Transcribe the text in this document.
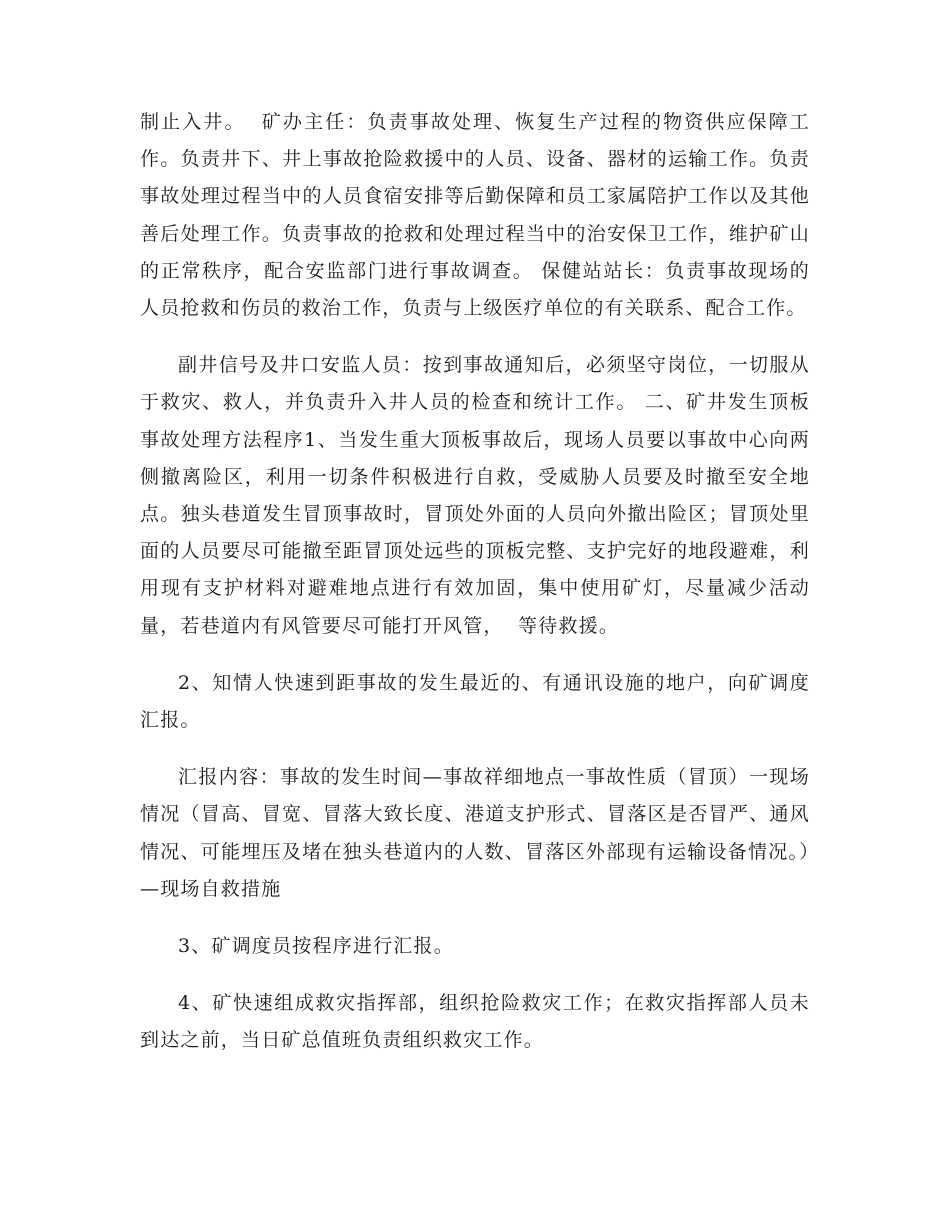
制止入井。  矿办主任：负责事故处理、恢复生产过程的物资供应保障工作。负责井下、井上事故抢险救援中的人员、设备、器材的运输工作。负责事故处理过程当中的人员食宿安排等后勤保障和员工家属陪护工作以及其他善后处理工作。负责事故的抢救和处理过程当中的治安保卫工作，维护矿山的正常秩序，配合安监部门进行事故调查。 保健站站长：负责事故现场的人员抢救和伤员的救治工作，负责与上级医疗单位的有关联系、配合工作。

副井信号及井口安监人员：按到事故通知后，必须坚守岗位，一切服从于救灾、救人，并负责升入井人员的检查和统计工作。 二、矿井发生顶板事故处理方法程序1、当发生重大顶板事故后，现场人员要以事故中心向两侧撤离险区，利用一切条件积极进行自救，受威胁人员要及时撤至安全地点。独头巷道发生冒顶事故时，冒顶处外面的人员向外撤出险区；冒顶处里面的人员要尽可能撤至距冒顶处远些的顶板完整、支护完好的地段避难，利用现有支护材料对避难地点进行有效加固，集中使用矿灯，尽量减少活动量，若巷道内有风管要尽可能打开风管，  等待救援。

2、知情人快速到距事故的发生最近的、有通讯设施的地户，向矿调度汇报。

汇报内容：事故的发生时间—事故祥细地点一事故性质（冒顶）一现场情况（冒高、冒宽、冒落大致长度、港道支护形式、冒落区是否冒严、通风情况、可能埋压及堵在独头巷道内的人数、冒落区外部现有运输设备情况。）—现场自救措施

3、矿调度员按程序进行汇报。

4、矿快速组成救灾指挥部，组织抢险救灾工作；在救灾指挥部人员未到达之前，当日矿总值班负责组织救灾工作。
